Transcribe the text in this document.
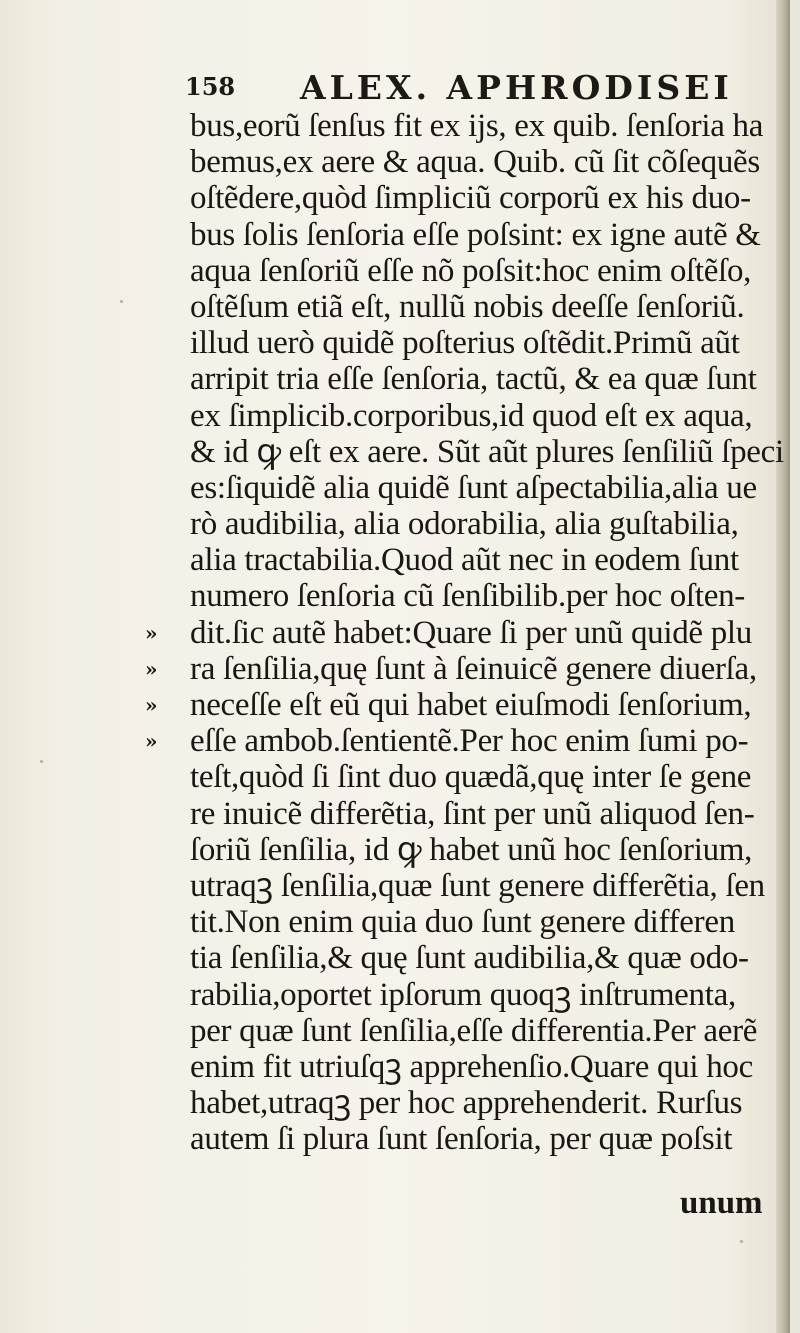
158 ALEX. APHRODISEI
bus,eorũ ſenſus fit ex ijs, ex quib. ſenſoria ha
bemus,ex aere & aqua. Quib. cũ ſit cõſequẽs
oſtẽdere,quòd ſimpliciũ corporũ ex his duo‑
bus ſolis ſenſoria eſſe poſsint: ex igne autẽ &
aqua ſenſoriũ eſſe nõ poſsit:hoc enim oſtẽſo,
oſtẽſum etiã eſt, nullũ nobis deeſſe ſenſoriũ.
illud uerò quidẽ poſterius oſtẽdit.Primũ aũt
arripit tria eſſe ſenſoria, tactũ, & ea quæ ſunt
ex ſimplicib.corporibus,id quod eſt ex aqua,
& id ꝙ eſt ex aere. Sũt aũt plures ſenſiliũ ſpeci
es:ſiquidẽ alia quidẽ ſunt aſpectabilia,alia ue
rò audibilia, alia odorabilia, alia guſtabilia,
alia tractabilia.Quod aũt nec in eodem ſunt
numero ſenſoria cũ ſenſibilib.per hoc oſten‑
» dit.ſic autẽ habet:Quare ſi per unũ quidẽ plu
» ra ſenſilia,quę ſunt à ſeinuicẽ genere diuerſa,
» neceſſe eſt eũ qui habet eiuſmodi ſenſorium,
» eſſe ambob.ſentientẽ.Per hoc enim ſumi po‑
teſt,quòd ſi ſint duo quædã,quę inter ſe gene
re inuicẽ differẽtia, ſint per unũ aliquod ſen‑
ſoriũ ſenſilia, id ꝙ habet unũ hoc ſenſorium,
utraqꝫ ſenſilia,quæ ſunt genere differẽtia, ſen
tit.Non enim quia duo ſunt genere differen
tia ſenſilia,& quę ſunt audibilia,& quæ odo‑
rabilia,oportet ipſorum quoqꝫ inſtrumenta,
per quæ ſunt ſenſilia,eſſe differentia.Per aerẽ
enim fit utriuſqꝫ apprehenſio.Quare qui hoc
habet,utraqꝫ per hoc apprehenderit. Rurſus
autem ſi plura ſunt ſenſoria, per quæ poſsit
unum
